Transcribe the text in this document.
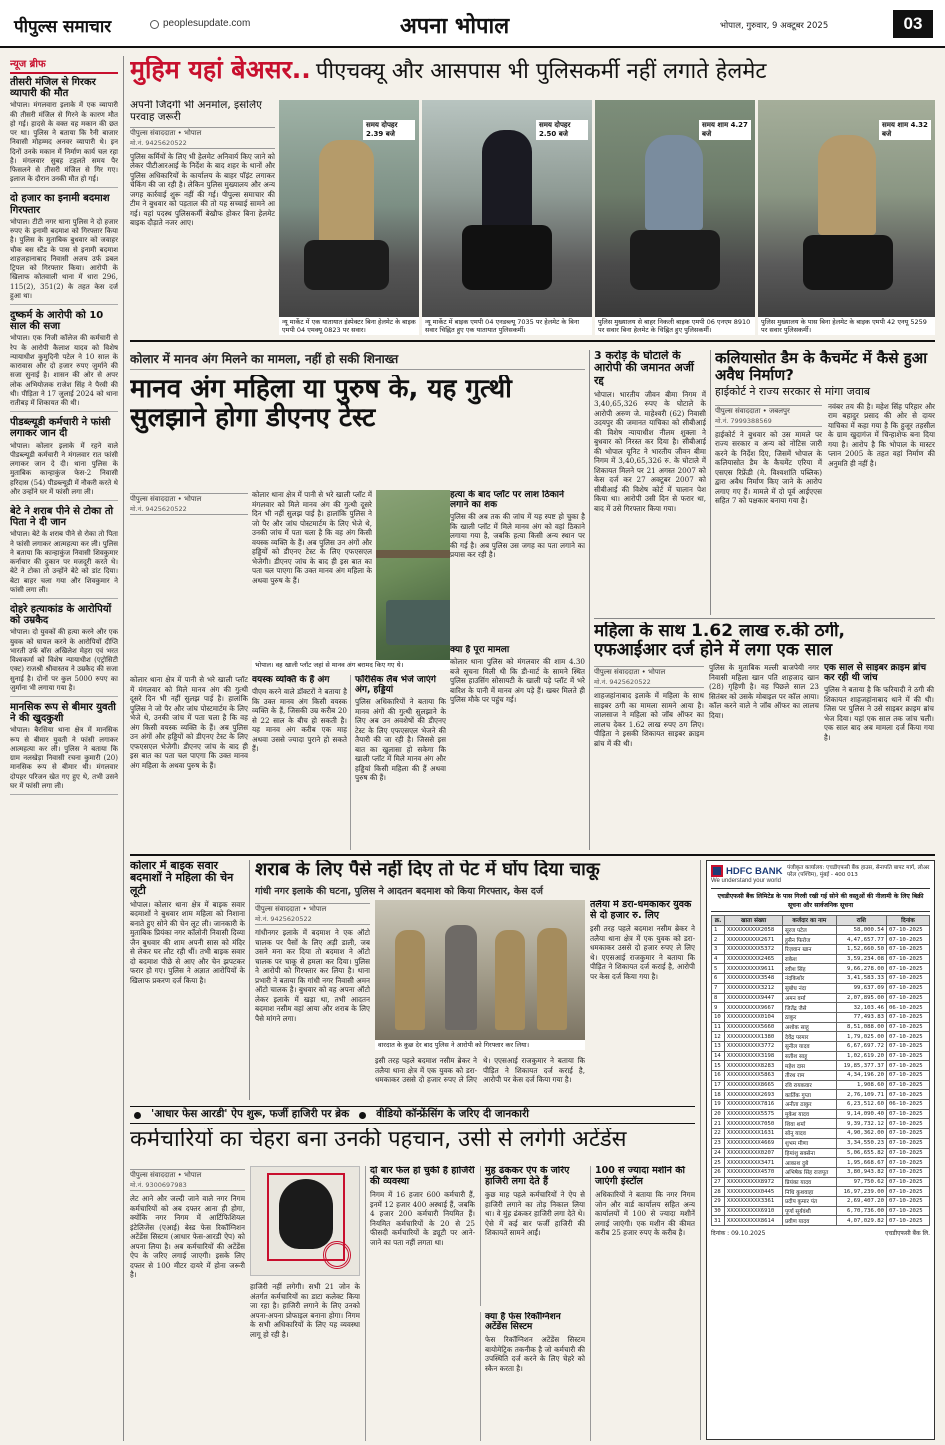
पीपुल्स समाचार	peoplesupdate.com	अपना भोपाल	भोपाल, गुरुवार, 9 अक्टूबर 2025	03
न्यूज ब्रीफ
तीसरी मंजिल से गिरकर व्यापारी की मौत
भोपाल। मंगलवारा इलाके में एक व्यापारी की तीसरी मंजिल से गिरने के कारण मौत हो गई। हादसे के वक्त वह मकान की छत पर था। पुलिस ने बताया कि रैनी बाजार निवासी मोहम्मद अनवर व्यापारी थे। इन दिनों उनके मकान में निर्माण कार्य चल रहा है। मंगलवार सुबह टहलते समय पैर फिसलने से तीसरी मंजिल से गिर गए। इलाज के दौरान उनकी मौत हो गई।
दो हजार का इनामी बदमाश गिरफ्तार
भोपाल। टीटी नगर थाना पुलिस ने दो हजार रुपए के इनामी बदमाश को गिरफ्तार किया है। पुलिस के मुताबिक बुधवार को जवाहर चौक बस स्टैंड के पास से इनामी बदमाश शाहजहानाबाद निवासी अजय उर्फ डबल ट्रिपल को गिरफ्तार किया। आरोपी के खिलाफ कोतवाली थाना में धारा 296, 115(2), 351(2) के तहत केस दर्ज हुआ था।
दुष्कर्म के आरोपी को 10 साल की सजा
भोपाल। एक निजी कॉलेज की कर्मचारी से रेप के आरोपी कैलाश यादव को विशेष न्यायाधीश कुमुदिनी पटेल ने 10 साल के कारावास और दो हजार रुपए जुर्माने की सजा सुनाई है। शासन की ओर से अपर लोक अभियोजक राजेश सिंह ने पैरवी की थी। पीड़िता ने 17 जुलाई 2024 को थाना रातीबड़ में शिकायत की थी।
पीडब्ल्यूडी कर्मचारी ने फांसी लगाकर जान दी
भोपाल। कोलार इलाके में रहने वाले पीडब्ल्यूडी कर्मचारी ने मंगलवार रात फांसी लगाकर जान दे दी। थाना पुलिस के मुताबिक कान्हाकुंज फेस-2 निवासी हरिदास (54) पीडब्ल्यूडी में नौकरी करते थे और उन्होंने घर में फांसी लगा ली।
बेटे ने शराब पीने से टोका तो पिता ने दी जान
भोपाल। बेटे के शराब पीने से रोका तो पिता ने फांसी लगाकर आत्महत्या कर ली। पुलिस ने बताया कि कान्हाकुंज निवासी शिवकुमार कर्नाचार की दुकान पर मजदूरी करते थे। बेटे ने टोका तो उन्होंने बेटे को डांट दिया। बेटा बाहर चला गया और शिवकुमार ने फांसी लगा ली।
दोहरे हत्याकांड के आरोपियों को उम्रकैद
भोपाल। दो युवकों की हत्या करने और एक युवक को घायल करने के आरोपियों दीप्ति भारती उर्फ बॉस अखिलेश मेहरा एवं भरत विश्वकर्मा को विशेष न्यायाधीश (एट्रोसिटी एक्ट) राजश्री श्रीवास्तव ने उम्रकैद की सजा सुनाई है। दोनों पर कुल 5000 रुपए का जुर्माना भी लगाया गया है।
मानसिक रूप से बीमार युवती ने की खुदकुशी
भोपाल। बैरसिया थाना क्षेत्र में मानसिक रूप से बीमार युवती ने फांसी लगाकर आत्महत्या कर ली। पुलिस ने बताया कि ग्राम नलखेड़ा निवासी रचना कुमारी (20) मानसिक रूप से बीमार थी। मंगलवार दोपहर परिजन खेत गए हुए थे, तभी उसने घर में फांसी लगा ली।
मुहिम यहां बेअसर.. पीएचक्यू और आसपास भी पुलिसकर्मी नहीं लगाते हेलमेट
अपनी जिंदगी भी अनमोल, इसलिए परवाह जरूरी
पीपुल्स संवाददाता • भोपाल
मो.नं. 9425620522
पुलिस कर्मियों के लिए भी हेलमेट अनिवार्य किए जाने को लेकर पीटीआरआई के निर्देश के बाद शहर के थानों और पुलिस अधिकारियों के कार्यालय के बाहर पॉइंट लगाकर चेकिंग की जा रही है। लेकिन पुलिस मुख्यालय और अन्य जगह कार्रवाई शुरू नहीं की गई। पीपुल्स समाचार की टीम ने बुधवार को पड़ताल की तो यह सच्चाई सामने आ गई। यहां पदस्थ पुलिसकर्मी बेखौफ होकर बिना हेलमेट बाइक दौड़ाते नजर आए।
समय दोपहर 2.39 बजे
न्यू मार्केट में एक यातायात इंस्पेक्टर बिना हेलमेट के बाइक एमपी 04 एमक्यू 0823 पर सवार।
समय दोपहर 2.50 बजे
न्यू मार्केट में बाइक एमपी 04 एनडब्ल्यू 7035 पर हेलमेट के बिना सवार चिह्नित हुए एक यातायात पुलिसकर्मी।
समय शाम 4.27 बजे
पुलिस मुख्यालय से बाहर निकली बाइक एमपी 06 एनएम 8910 पर सवार बिना हेलमेट के चिह्नित हुए पुलिसकर्मी।
समय शाम 4.32 बजे
पुलिस मुख्यालय के पास बिना हेलमेट के बाइक एमपी 42 एनयू 5259 पर सवार पुलिसकर्मी।
कोलार में मानव अंग मिलने का मामला, नहीं हो सकी शिनाख्त
मानव अंग महिला या पुरुष के, यह गुत्थी सुलझाने होगा डीएनए टेस्ट
पीपुल्स संवाददाता • भोपाल
मो.नं. 9425620522
कोलार थाना क्षेत्र में पानी से भरे खाली प्लॉट में मंगलवार को मिले मानव अंग की गुत्थी दूसरे दिन भी नहीं सुलझ पाई है। हालांकि पुलिस ने जो पैर और जांघ पोस्टमार्टम के लिए भेजे थे, उनकी जांच में पता चला है कि वह अंग किसी वयस्क व्यक्ति के हैं। अब पुलिस उन अंगों और हड्डियों को डीएनए टेस्ट के लिए एफएसएल भेजेगी। डीएनए जांच के बाद ही इस बात का पता चल पाएगा कि उक्त मानव अंग महिला के अथवा पुरुष के हैं।
भोपाल। वह खाली प्लॉट जहां से मानव अंग बरामद किए गए थे।
हत्या के बाद प्लॉट पर लाश ठिकाने लगाने का शक
पुलिस की अब तक की जांच में यह स्पष्ट हो चुका है कि खाली प्लॉट में मिले मानव अंग को वहां ठिकाने लगाया गया है, जबकि हत्या किसी अन्य स्थान पर की गई है। अब पुलिस उस जगह का पता लगाने का प्रयास कर रही है।
क्या है पूरा मामला
कोलार थाना पुलिस को मंगलवार की शाम 4.30 बजे सूचना मिली थी कि डी-मार्ट के सामने स्थित पुलिस हाउसिंग सोसायटी के खाली पड़े प्लॉट में भरे बारिश के पानी में मानव अंग पड़े हैं। खबर मिलते ही पुलिस मौके पर पहुंच गई।
वयस्क व्यक्ति के हैं अंग
पीएम करने वाले डॉक्टरों ने बताया है कि उक्त मानव अंग किसी वयस्क व्यक्ति के हैं, जिसकी उम्र करीब 20 से 22 साल के बीच हो सकती है। यह मानव अंग करीब एक माह अथवा उससे ज्यादा पुराने हो सकते हैं।
फॉरेंसिक लैब भेजे जाएंगे अंग, हड्डियां
पुलिस अधिकारियों ने बताया कि मानव अंगों की गुत्थी सुलझाने के लिए अब उन अवशेषों की डीएनए टेस्ट के लिए एफएसएल भेजने की तैयारी की जा रही है। जिससे इस बात का खुलासा हो सकेगा कि खाली प्लॉट में मिले मानव अंग और हड्डियां किसी महिला की हैं अथवा पुरुष की हैं।
कोलार थाना क्षेत्र में पानी से भरे खाली प्लॉट में मंगलवार को मिले मानव अंग की गुत्थी दूसरे दिन भी नहीं सुलझ पाई है। हालांकि पुलिस ने जो पैर और जांघ पोस्टमार्टम के लिए भेजे थे, उनकी जांच में पता चला है कि वह अंग किसी वयस्क व्यक्ति के हैं। अब पुलिस उन अंगों और हड्डियों को डीएनए टेस्ट के लिए एफएसएल भेजेगी। डीएनए जांच के बाद ही इस बात का पता चल पाएगा कि उक्त मानव अंग महिला के अथवा पुरुष के हैं।
3 करोड़ के घोटाले के आरोपी की जमानत अर्जी रद्द
भोपाल। भारतीय जीवन बीमा निगम में 3,40,65,326 रुपए के घोटाले के आरोपी अरुण जे. माहेश्वरी (62) निवासी उदयपुर की जमानत याचिका को सीबीआई की विशेष न्यायाधीश नीलम शुक्ला ने बुधवार को निरस्त कर दिया है। सीबीआई की भोपाल यूनिट ने भारतीय जीवन बीमा निगम में 3,40,65,326 रु. के घोटाले में शिकायत मिलने पर 21 अगस्त 2007 को केस दर्ज कर 27 अक्टूबर 2007 को सीबीआई की विशेष कोर्ट में चालान पेश किया था। आरोपी उसी दिन से फरार था, बाद में उसे गिरफ्तार किया गया।
कलियासोत डैम के कैचमेंट में कैसे हुआ अवैध निर्माण?
हाईकोर्ट ने राज्य सरकार से मांगा जवाब
पीपुल्स संवाददाता • जबलपुर
मो.नं. 7999388569
हाईकोर्ट ने बुधवार को उस मामले पर राज्य सरकार व अन्य को नोटिस जारी करने के निर्देश दिए, जिसमें भोपाल के कलियासोत डैम के कैचमेंट एरिया में एसएस रिफ्रेंडी (मे. विश्वशांति पब्लिक) द्वारा अवैध निर्माण किए जाने के आरोप लगाए गए हैं। मामले में दो पूर्व आईएएस सहित 7 को पक्षकार बनाया गया है।
नवंबर तय की है। महेश सिंह परिहार और राम बहादुर प्रसाद की ओर से दायर याचिका में कहा गया है कि हुजूर तहसील के ग्राम खुदागंज में चिन्हाशेफ बना दिया गया है। आरोप है कि भोपाल के मास्टर प्लान 2005 के तहत वहां निर्माण की अनुमति ही नहीं है।
महिला के साथ 1.62 लाख रु.की ठगी,
एफआईआर दर्ज होने में लगा एक साल
पीपुल्स संवाददाता • भोपाल
मो.नं. 9425620522
शाहजहांनाबाद इलाके में महिला के साथ साइबर ठगी का मामला सामने आया है। जालसाज ने महिला को जॉब ऑफर का लालच देकर 1.62 लाख रुपए ठग लिए। पीड़िता ने इसकी शिकायत साइबर क्राइम ब्रांच में की थी।
पुलिस के मुताबिक मल्ली बाजपेयी नगर निवासी महिला खान पति शाहजाद खान (28) गृहिणी है। वह पिछले साल 23 सितंबर को उसके मोबाइल पर कॉल आया। कॉल करने वाले ने जॉब ऑफर का लालच दिया।
एक साल से साइबर क्राइम ब्रांच कर रही थी जांच
पुलिस ने बताया है कि फरियादी ने ठगी की शिकायत शाहजहांनाबाद थाने में की थी। जिस पर पुलिस ने उसे साइबर क्राइम ब्रांच भेज दिया। यहां एक साल तक जांच चली। एक साल बाद अब मामला दर्ज किया गया है।
कोलार में बाइक सवार बदमाशों ने महिला की चेन लूटी
भोपाल। कोलार थाना क्षेत्र में बाइक सवार बदमाशों ने बुधवार शाम महिला को निशाना बनाते हुए सोने की चेन लूट ली। जानकारी के मुताबिक प्रियंका नगर कॉलोनी निवासी दिव्या जैन बुधवार की शाम अपनी सास को मंदिर से लेकर घर लौट रही थीं। तभी बाइक सवार दो बदमाश पीछे से आए और चेन झपटकर फरार हो गए। पुलिस ने अज्ञात आरोपियों के खिलाफ प्रकरण दर्ज किया है।
शराब के लिए पैसे नहीं दिए तो पेट में घोंप दिया चाकू
गांधी नगर इलाके की घटना, पुलिस ने आदतन बदमाश को किया गिरफ्तार, केस दर्ज
पीपुल्स संवाददाता • भोपाल
मो.नं. 9425620522
गांधीनगर इलाके में बदमाश ने एक ऑटो चालक पर पैसों के लिए अड़ी डाली, जब उसने मना कर दिया तो बदमाश ने ऑटो चालक पर चाकू से हमला कर दिया। पुलिस ने आरोपी को गिरफ्तार कर लिया है। थाना प्रभारी ने बताया कि गांधी नगर निवासी अमन ऑटो चालक है। बुधवार को वह अपना ऑटो लेकर इलाके में खड़ा था, तभी आदतन बदमाश नसीम वहां आया और शराब के लिए पैसे मांगने लगा।
वारदात के कुछ देर बाद पुलिस ने आरोपी को गिरफ्तार कर लिया।
तलैया में डरा-धमकाकर युवक से दो हजार रु. लिए
इसी तरह पहले बदमाश नसीम ब्रेकर ने तलैया थाना क्षेत्र में एक युवक को डरा-धमकाकर उससे दो हजार रुपए ले लिए थे। एएसआई राजकुमार ने बताया कि पीड़ित ने शिकायत दर्ज कराई है, आरोपी पर केस दर्ज किया गया है।
इसी तरह पहले बदमाश नसीम ब्रेकर ने तलैया थाना क्षेत्र में एक युवक को डरा-धमकाकर उससे दो हजार रुपए ले लिए थे। एएसआई राजकुमार ने बताया कि पीड़ित ने शिकायत दर्ज कराई है, आरोपी पर केस दर्ज किया गया है।
'आधार फेस आरडी' ऐप शुरू, फर्जी हाजिरी पर ब्रेक	वीडियो कॉन्फ्रेंसिंग के जरिए दी जानकारी
कर्मचारियों का चेहरा बना उनकी पहचान, उसी से लगेगी अटेंडेंस
पीपुल्स संवाददाता • भोपाल
मो.नं. 9300697983
लेट आने और जल्दी जाने वाले नगर निगम कर्मचारियों को अब दफ्तर आना ही होगा, क्योंकि नगर निगम में आर्टिफिशियल इंटेलिजेंस (एआई) बेस्ड फेस रिकॉग्निशन अटेंडेंस सिस्टम (आधार फेस-आरडी ऐप) को अपना लिया है। अब कर्मचारियों की अटेंडेंस ऐप के जरिए लगाई जाएगी। इसके लिए दफ्तर से 100 मीटर दायरे में होना जरूरी है।
हाजिरी नहीं लगेगी। सभी 21 जोन के अंतर्गत कर्मचारियों का डाटा कलेक्ट किया जा रहा है। हाजिरी लगाने के लिए उनको अपना-अपना प्रोफाइल बनाना होगा। निगम के सभी अधिकारियों के लिए यह व्यवस्था लागू हो रही है।
दो बार फेल हो चुकी है हाजिरी की व्यवस्था
निगम में 16 हजार 600 कर्मचारी हैं, इनमें 12 हजार 400 अस्थाई हैं, जबकि 4 हजार 200 कर्मचारी नियमित हैं। नियमित कर्मचारियों के 20 से 25 फीसदी कर्मचारियों के ड्यूटी पर आने-जाने का पता नहीं लगता था।
मुंह ढंककर ऐप के जरिए हाजिरी लगा देते हैं
कुछ माह पहले कर्मचारियों ने ऐप से हाजिरी लगाने का तोड़ निकाल लिया था। वे मुंह ढंककर हाजिरी लगा देते थे। ऐसे में कई बार फर्जी हाजिरी की शिकायतें सामने आईं।
क्या है फेस रिकॉग्निशन अटेंडेंस सिस्टम
फेस रिकॉग्निशन अटेंडेंस सिस्टम बायोमेट्रिक तकनीक है जो कर्मचारी की उपस्थिति दर्ज करने के लिए चेहरे को स्कैन करता है।
100 से ज्यादा मशीनें की जाएंगी इंस्टॉल
अधिकारियों ने बताया कि नगर निगम जोन और वार्ड कार्यालय सहित अन्य कार्यालयों में 100 से ज्यादा मशीनें लगाई जाएंगी। एक मशीन की कीमत करीब 25 हजार रुपए के करीब है।
HDFC BANK
We understand your world
पंजीकृत कार्यालय: एचडीएफसी बैंक हाउस, सेनापति बापट मार्ग, लोअर परेल (पश्चिम), मुंबई - 400 013
एचडीएफसी बैंक लिमिटेड के पास गिरवी रखी गई सोने की वस्तुओं की नीलामी के लिए बिक्री सूचना और सार्वजनिक सूचना
क्र.	खाता संख्या	कर्जदार का नाम	राशि	दिनांक
1	XXXXXXXXXX2058	सूरज पटेल	58,000.54	07-10-2025
2	XXXXXXXXXX2671	हुसैन फिरोज	4,47,657.77	07-10-2025
3	XXXXXXXXXX5372	रिज़वान खान	1,52,660.50	07-10-2025
4	XXXXXXXXXX2465	राकेश	3,59,234.08	07-10-2025
5	XXXXXXXXXX9611	रवीश सिंह	9,66,278.00	07-10-2025
6	XXXXXXXXXX3548	नंदकिशोर	3,41,583.33	07-10-2025
7	XXXXXXXXXX3212	सुबोध नंदा	99,637.09	07-10-2025
8	XXXXXXXXXX9447	अमन वर्मा	2,07,895.00	07-10-2025
9	XXXXXXXXXX9667	जितेंद्र जैसे	32,103.46	06-10-2025
10	XXXXXXXXXX0104	ठाकुर	77,493.83	07-10-2025
11	XXXXXXXXXX5660	अशोक साहू	8,51,088.00	07-10-2025
12	XXXXXXXXXX1380	देवेंद्र परमार	1,79,025.00	07-10-2025
13	XXXXXXXXXX3772	सुनील यादव	6,67,697.72	07-10-2025
14	XXXXXXXXXX3198	सतीश साहू	1,02,619.20	07-10-2025
15	XXXXXXXXXX8283	महेश दास	19,85,377.37	07-10-2025
16	XXXXXXXXXX5863	तीरथ राम	4,34,196.20	07-10-2025
17	XXXXXXXXXX8665	रवि रायकवार	1,908.60	07-10-2025
18	XXXXXXXXXX2693	कार्तिक गुप्ता	2,76,109.71	07-10-2025
19	XXXXXXXXXX7816	अनीता ठाकुर	6,23,512.60	06-10-2025
20	XXXXXXXXXX5575	मुकेश यादव	9,14,090.40	07-10-2025
21	XXXXXXXXXX7050	शिवा शर्मा	9,39,732.12	07-10-2025
22	XXXXXXXXXX1631	सोनू यादव	4,90,362.00	07-10-2025
23	XXXXXXXXXX4669	शुभम मीणा	3,34,550.23	07-10-2025
24	XXXXXXXXXX0207	हिमांशु सक्सेना	5,06,655.82	07-10-2025
25	XXXXXXXXXX3471	आकाश दुबे	1,95,668.67	07-10-2025
26	XXXXXXXXXX4570	अभिषेक सिंह राजपूत	3,80,943.82	07-10-2025
27	XXXXXXXXXX8972	प्रियंका यादव	97,750.62	07-10-2025
28	XXXXXXXXXX0445	निधि कुशवाहा	16,97,239.00	07-10-2025
29	XXXXXXXXXX3361	प्रदीप कुमार पंत	2,69,407.20	07-10-2025
30	XXXXXXXXXX6910	पूर्णा सूर्यवंशी	6,70,736.00	07-10-2025
31	XXXXXXXXXX8614	प्रवीण यादव	4,07,029.82	07-10-2025
दिनांक : 09.10.2025	एचडीएफसी बैंक लि.
